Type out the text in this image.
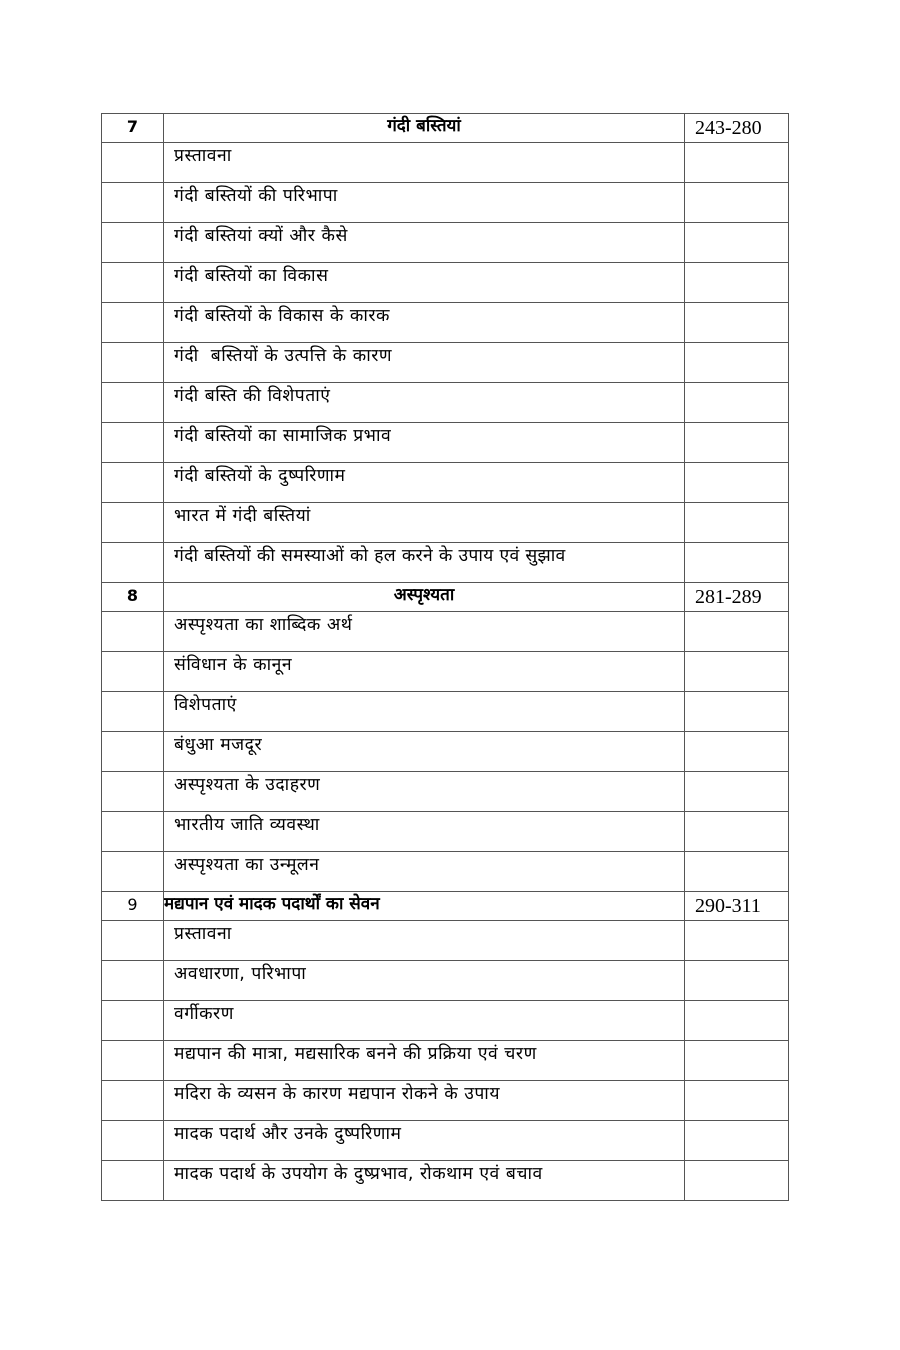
7	गंदी बस्तियां	243-280
	प्रस्तावना	
	गंदी बस्तियों की परिभापा	
	गंदी बस्तियां क्यों और कैसे	
	गंदी बस्तियों का विकास	
	गंदी बस्तियों के विकास के कारक	
	गंदी  बस्तियों के उत्पत्ति के कारण	
	गंदी बस्ति की विशेपताएं	
	गंदी बस्तियों का सामाजिक प्रभाव	
	गंदी बस्तियों के दुष्परिणाम	
	भारत में गंदी बस्तियां	
	गंदी बस्तियों की समस्याओं को हल करने के उपाय एवं सुझाव	
8	अस्पृश्यता	281-289
	अस्पृश्यता का शाब्दिक अर्थ	
	संविधान के कानून	
	विशेपताएं	
	बंधुआ मजदूर	
	अस्पृश्यता के उदाहरण	
	भारतीय जाति व्यवस्था	
	अस्पृश्यता का उन्मूलन	
9	मद्यपान एवं मादक पदार्थों का सेवन	290-311
	प्रस्तावना	
	अवधारणा, परिभापा	
	वर्गीकरण	
	मद्यपान की मात्रा, मद्यसारिक बनने की प्रक्रिया एवं चरण	
	मदिरा के व्यसन के कारण मद्यपान रोकने के उपाय	
	मादक पदार्थ और उनके दुष्परिणाम	
	मादक पदार्थ के उपयोग के दुष्प्रभाव, रोकथाम एवं बचाव	
